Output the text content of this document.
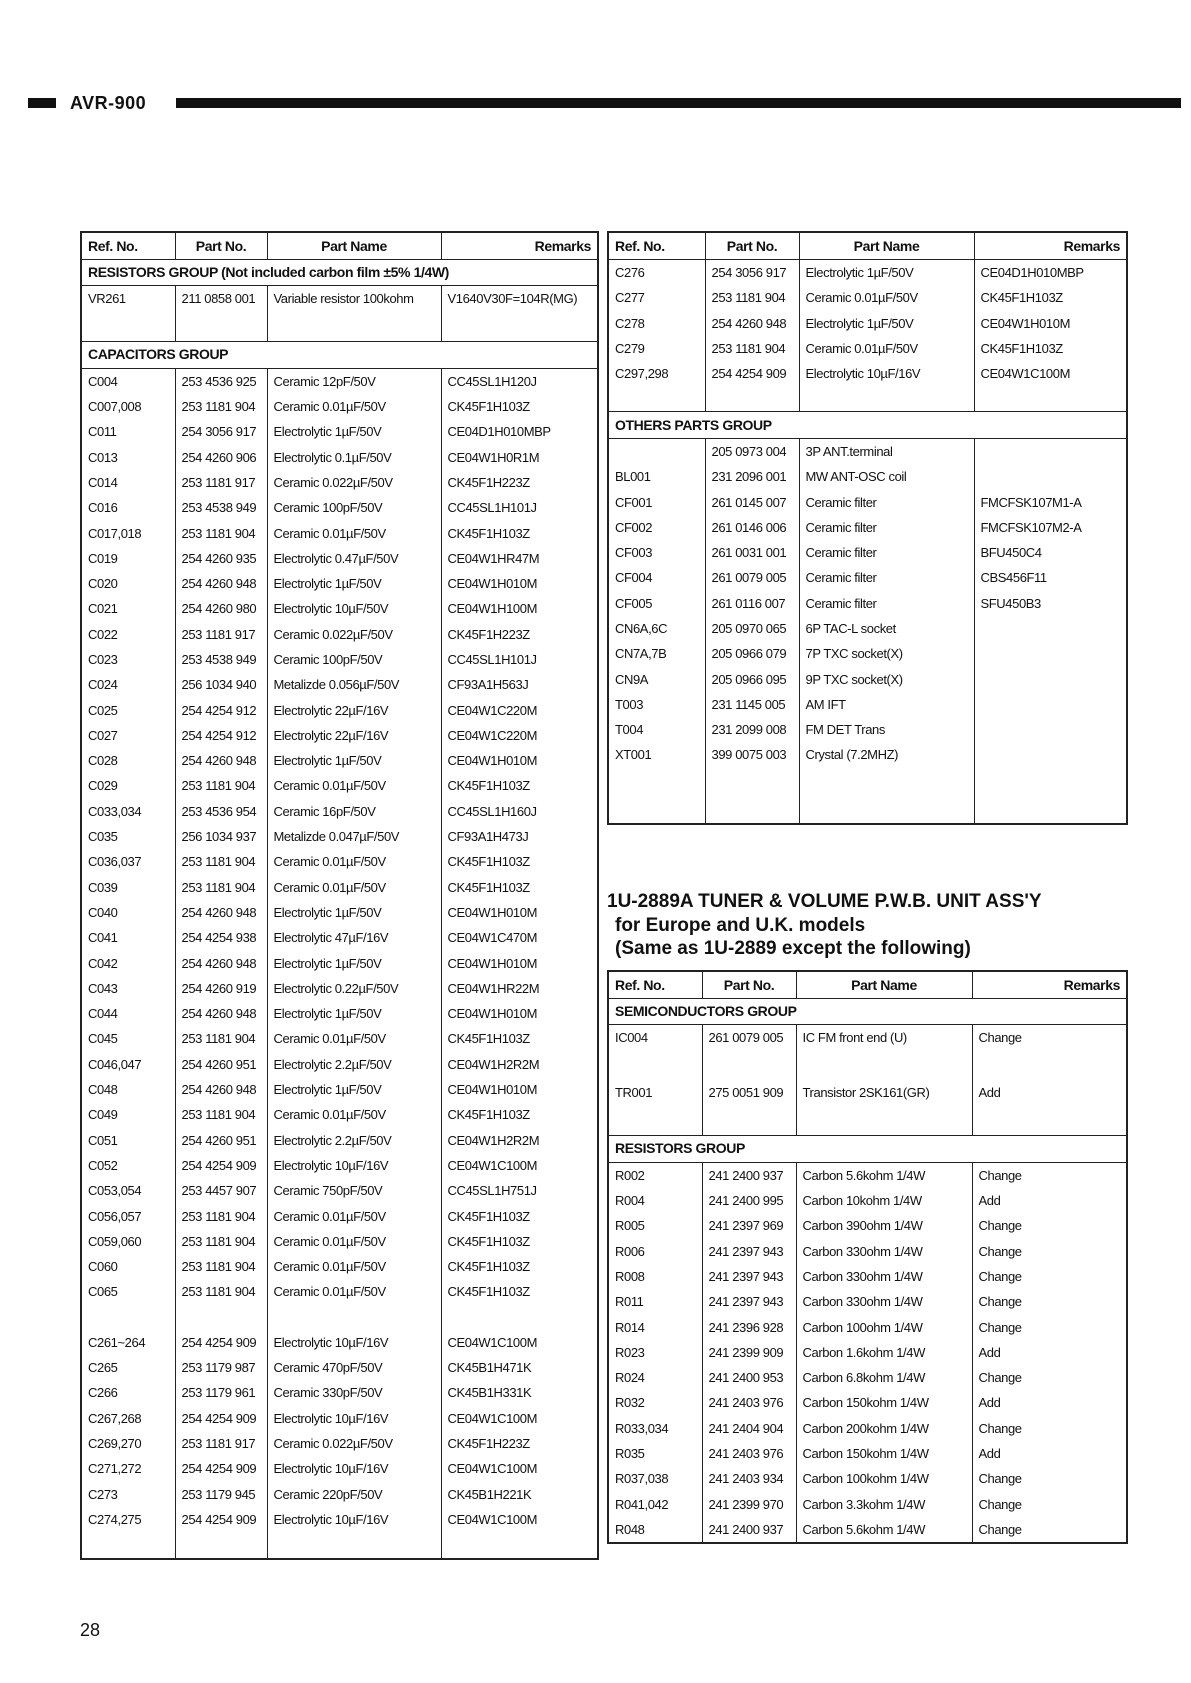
AVR-900
Ref. No.	Part No.	Part Name	Remarks
RESISTORS GROUP (Not included carbon film ±5% 1/4W)			
VR261	211 0858 001	Variable resistor 100kohm	V1640V30F=104R(MG)
CAPACITORS GROUP			
C004	253 4536 925	Ceramic 12pF/50V	CC45SL1H120J
C007,008	253 1181 904	Ceramic 0.01µF/50V	CK45F1H103Z
C011	254 3056 917	Electrolytic 1µF/50V	CE04D1H010MBP
C013	254 4260 906	Electrolytic 0.1µF/50V	CE04W1H0R1M
C014	253 1181 917	Ceramic 0.022µF/50V	CK45F1H223Z
C016	253 4538 949	Ceramic 100pF/50V	CC45SL1H101J
C017,018	253 1181 904	Ceramic 0.01µF/50V	CK45F1H103Z
C019	254 4260 935	Electrolytic 0.47µF/50V	CE04W1HR47M
C020	254 4260 948	Electrolytic 1µF/50V	CE04W1H010M
C021	254 4260 980	Electrolytic 10µF/50V	CE04W1H100M
C022	253 1181 917	Ceramic 0.022µF/50V	CK45F1H223Z
C023	253 4538 949	Ceramic 100pF/50V	CC45SL1H101J
C024	256 1034 940	Metalizde 0.056µF/50V	CF93A1H563J
C025	254 4254 912	Electrolytic 22µF/16V	CE04W1C220M
C027	254 4254 912	Electrolytic 22µF/16V	CE04W1C220M
C028	254 4260 948	Electrolytic 1µF/50V	CE04W1H010M
C029	253 1181 904	Ceramic 0.01µF/50V	CK45F1H103Z
C033,034	253 4536 954	Ceramic 16pF/50V	CC45SL1H160J
C035	256 1034 937	Metalizde 0.047µF/50V	CF93A1H473J
C036,037	253 1181 904	Ceramic 0.01µF/50V	CK45F1H103Z
C039	253 1181 904	Ceramic 0.01µF/50V	CK45F1H103Z
C040	254 4260 948	Electrolytic 1µF/50V	CE04W1H010M
C041	254 4254 938	Electrolytic 47µF/16V	CE04W1C470M
C042	254 4260 948	Electrolytic 1µF/50V	CE04W1H010M
C043	254 4260 919	Electrolytic 0.22µF/50V	CE04W1HR22M
C044	254 4260 948	Electrolytic 1µF/50V	CE04W1H010M
C045	253 1181 904	Ceramic 0.01µF/50V	CK45F1H103Z
C046,047	254 4260 951	Electrolytic 2.2µF/50V	CE04W1H2R2M
C048	254 4260 948	Electrolytic 1µF/50V	CE04W1H010M
C049	253 1181 904	Ceramic 0.01µF/50V	CK45F1H103Z
C051	254 4260 951	Electrolytic 2.2µF/50V	CE04W1H2R2M
C052	254 4254 909	Electrolytic 10µF/16V	CE04W1C100M
C053,054	253 4457 907	Ceramic 750pF/50V	CC45SL1H751J
C056,057	253 1181 904	Ceramic 0.01µF/50V	CK45F1H103Z
C059,060	253 1181 904	Ceramic 0.01µF/50V	CK45F1H103Z
C060	253 1181 904	Ceramic 0.01µF/50V	CK45F1H103Z
C065	253 1181 904	Ceramic 0.01µF/50V	CK45F1H103Z

C261~264	254 4254 909	Electrolytic 10µF/16V	CE04W1C100M
C265	253 1179 987	Ceramic 470pF/50V	CK45B1H471K
C266	253 1179 961	Ceramic 330pF/50V	CK45B1H331K
C267,268	254 4254 909	Electrolytic 10µF/16V	CE04W1C100M
C269,270	253 1181 917	Ceramic 0.022µF/50V	CK45F1H223Z
C271,272	254 4254 909	Electrolytic 10µF/16V	CE04W1C100M
C273	253 1179 945	Ceramic 220pF/50V	CK45B1H221K
C274,275	254 4254 909	Electrolytic 10µF/16V	CE04W1C100M

Ref. No.	Part No.	Part Name	Remarks
C276	254 3056 917	Electrolytic 1µF/50V	CE04D1H010MBP
C277	253 1181 904	Ceramic 0.01µF/50V	CK45F1H103Z
C278	254 4260 948	Electrolytic 1µF/50V	CE04W1H010M
C279	253 1181 904	Ceramic 0.01µF/50V	CK45F1H103Z
C297,298	254 4254 909	Electrolytic 10µF/16V	CE04W1C100M

OTHERS PARTS GROUP			
	205 0973 004	3P ANT.terminal	
BL001	231 2096 001	MW ANT-OSC coil	
CF001	261 0145 007	Ceramic filter	FMCFSK107M1-A
CF002	261 0146 006	Ceramic filter	FMCFSK107M2-A
CF003	261 0031 001	Ceramic filter	BFU450C4
CF004	261 0079 005	Ceramic filter	CBS456F11
CF005	261 0116 007	Ceramic filter	SFU450B3
CN6A,6C	205 0970 065	6P TAC-L socket	
CN7A,7B	205 0966 079	7P TXC socket(X)	
CN9A	205 0966 095	9P TXC socket(X)	
T003	231 1145 005	AM IFT	
T004	231 2099 008	FM DET Trans	
XT001	399 0075 003	Crystal (7.2MHZ)	

1U-2889A TUNER & VOLUME P.W.B. UNIT ASS'Y
for Europe and U.K. models
(Same as 1U-2889 except the following)
Ref. No.	Part No.	Part Name	Remarks
SEMICONDUCTORS GROUP			
IC004	261 0079 005	IC FM front end (U)	Change
TR001	275 0051 909	Transistor 2SK161(GR)	Add
RESISTORS GROUP			
R002	241 2400 937	Carbon 5.6kohm 1/4W	Change
R004	241 2400 995	Carbon 10kohm 1/4W	Add
R005	241 2397 969	Carbon 390ohm 1/4W	Change
R006	241 2397 943	Carbon 330ohm 1/4W	Change
R008	241 2397 943	Carbon 330ohm 1/4W	Change
R011	241 2397 943	Carbon 330ohm 1/4W	Change
R014	241 2396 928	Carbon 100ohm 1/4W	Change
R023	241 2399 909	Carbon 1.6kohm 1/4W	Add
R024	241 2400 953	Carbon 6.8kohm 1/4W	Change
R032	241 2403 976	Carbon 150kohm 1/4W	Add
R033,034	241 2404 904	Carbon 200kohm 1/4W	Change
R035	241 2403 976	Carbon 150kohm 1/4W	Add
R037,038	241 2403 934	Carbon 100kohm 1/4W	Change
R041,042	241 2399 970	Carbon 3.3kohm 1/4W	Change
R048	241 2400 937	Carbon 5.6kohm 1/4W	Change
28
